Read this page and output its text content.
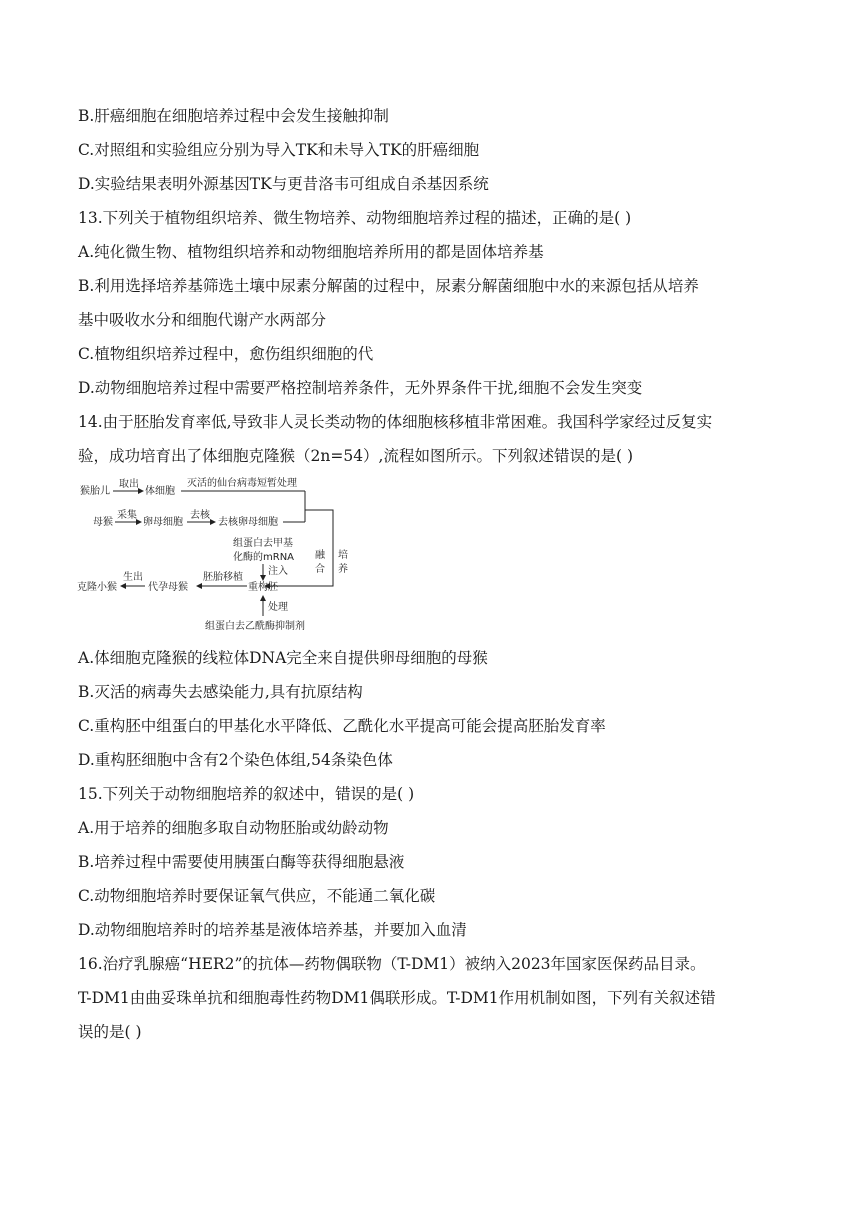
B.肝癌细胞在细胞培养过程中会发生接触抑制
C.对照组和实验组应分别为导入TK和未导入TK的肝癌细胞
D.实验结果表明外源基因TK与更昔洛韦可组成自杀基因系统
13.下列关于植物组织培养、微生物培养、动物细胞培养过程的描述，正确的是( )
A.纯化微生物、植物组织培养和动物细胞培养所用的都是固体培养基
B.利用选择培养基筛选土壤中尿素分解菌的过程中，尿素分解菌细胞中水的来源包括从培养
基中吸收水分和细胞代谢产水两部分
C.植物组织培养过程中，愈伤组织细胞的代
D.动物细胞培养过程中需要严格控制培养条件，无外界条件干扰,细胞不会发生突变
14.由于胚胎发育率低,导致非人灵长类动物的体细胞核移植非常困难。我国科学家经过反复实
验，成功培育出了体细胞克隆猴（2n=54）,流程如图所示。下列叙述错误的是( )
猴胎儿
取出
体细胞
灭活的仙台病毒短暂处理
母猴
采集
卵母细胞
去核
去核卵母细胞
融
合
培
养
组蛋白去甲基
化酶的mRNA
注入
克隆小猴
生出
代孕母猴
胚胎移植
重构胚
处理
组蛋白去乙酰酶抑制剂
A.体细胞克隆猴的线粒体DNA完全来自提供卵母细胞的母猴
B.灭活的病毒失去感染能力,具有抗原结构
C.重构胚中组蛋白的甲基化水平降低、乙酰化水平提高可能会提高胚胎发育率
D.重构胚细胞中含有2个染色体组,54条染色体
15.下列关于动物细胞培养的叙述中，错误的是( )
A.用于培养的细胞多取自动物胚胎或幼龄动物
B.培养过程中需要使用胰蛋白酶等获得细胞悬液
C.动物细胞培养时要保证氧气供应，不能通二氧化碳
D.动物细胞培养时的培养基是液体培养基，并要加入血清
16.治疗乳腺癌“HER2”的抗体—药物偶联物（T-DM1）被纳入2023年国家医保药品目录。
T-DM1由曲妥珠单抗和细胞毒性药物DM1偶联形成。T-DM1作用机制如图，下列有关叙述错
误的是( )
